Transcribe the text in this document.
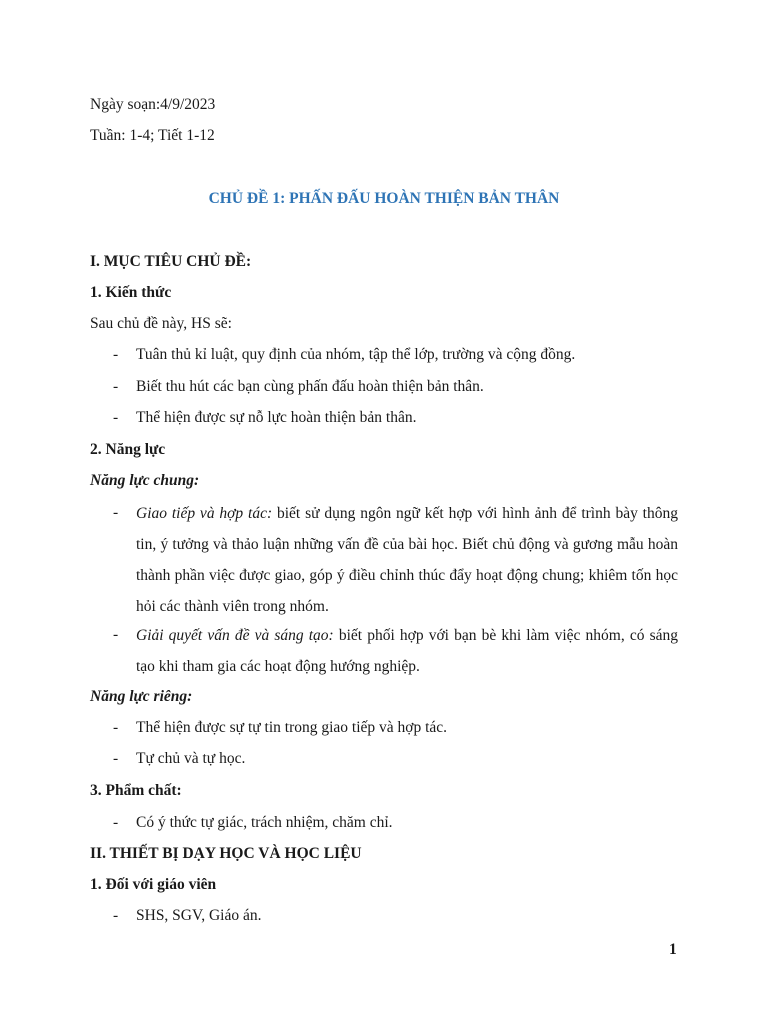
Ngày soạn:4/9/2023
Tuần: 1-4; Tiết 1-12
CHỦ ĐỀ 1: PHẤN ĐẤU HOÀN THIỆN BẢN THÂN
I. MỤC TIÊU CHỦ ĐỀ:
1. Kiến thức
Sau chủ đề này, HS sẽ:
- Tuân thủ kỉ luật, quy định của nhóm, tập thể lớp, trường và cộng đồng.
- Biết thu hút các bạn cùng phấn đấu hoàn thiện bản thân.
- Thể hiện được sự nỗ lực hoàn thiện bản thân.
2. Năng lực
Năng lực chung:
- Giao tiếp và hợp tác: biết sử dụng ngôn ngữ kết hợp với hình ảnh để trình bày thông tin, ý tưởng và thảo luận những vấn đề của bài học. Biết chủ động và gương mẫu hoàn thành phần việc được giao, góp ý điều chỉnh thúc đẩy hoạt động chung; khiêm tốn học hỏi các thành viên trong nhóm.
- Giải quyết vấn đề và sáng tạo: biết phối hợp với bạn bè khi làm việc nhóm, có sáng tạo khi tham gia các hoạt động hướng nghiệp.
Năng lực riêng:
- Thể hiện được sự tự tin trong giao tiếp và hợp tác.
- Tự chủ và tự học.
3. Phẩm chất:
- Có ý thức tự giác, trách nhiệm, chăm chỉ.
II. THIẾT BỊ DẠY HỌC VÀ HỌC LIỆU
1. Đối với giáo viên
- SHS, SGV, Giáo án.
1
